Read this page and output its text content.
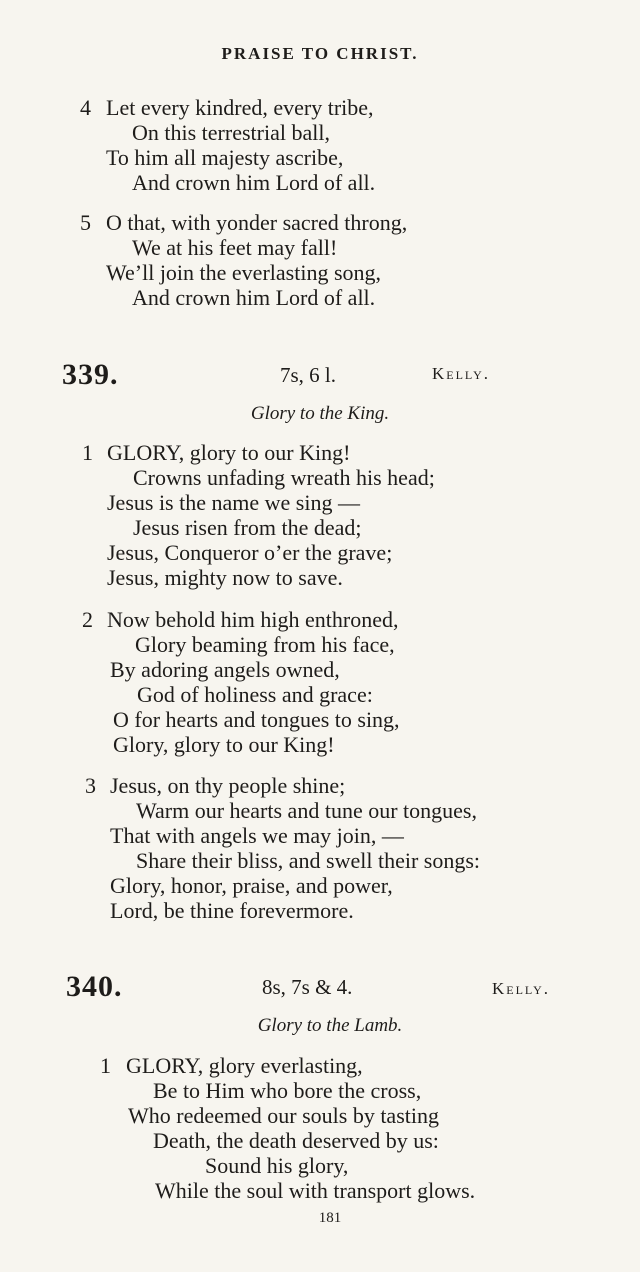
PRAISE TO CHRIST.
4 Let every kindred, every tribe,
On this terrestrial ball,
To him all majesty ascribe,
And crown him Lord of all.
5 O that, with yonder sacred throng,
We at his feet may fall!
We’ll join the everlasting song,
And crown him Lord of all.
339.	7s, 6 l.	Kelly.
Glory to the King.
1 GLORY, glory to our King!
Crowns unfading wreath his head;
Jesus is the name we sing —
Jesus risen from the dead;
Jesus, Conqueror o’er the grave;
Jesus, mighty now to save.
2 Now behold him high enthroned,
Glory beaming from his face,
By adoring angels owned,
God of holiness and grace:
O for hearts and tongues to sing,
Glory, glory to our King!
3 Jesus, on thy people shine;
Warm our hearts and tune our tongues,
That with angels we may join, —
Share their bliss, and swell their songs:
Glory, honor, praise, and power,
Lord, be thine forevermore.
340.	8s, 7s & 4.	Kelly.
Glory to the Lamb.
1 GLORY, glory everlasting,
Be to Him who bore the cross,
Who redeemed our souls by tasting
Death, the death deserved by us:
Sound his glory,
While the soul with transport glows.
181
